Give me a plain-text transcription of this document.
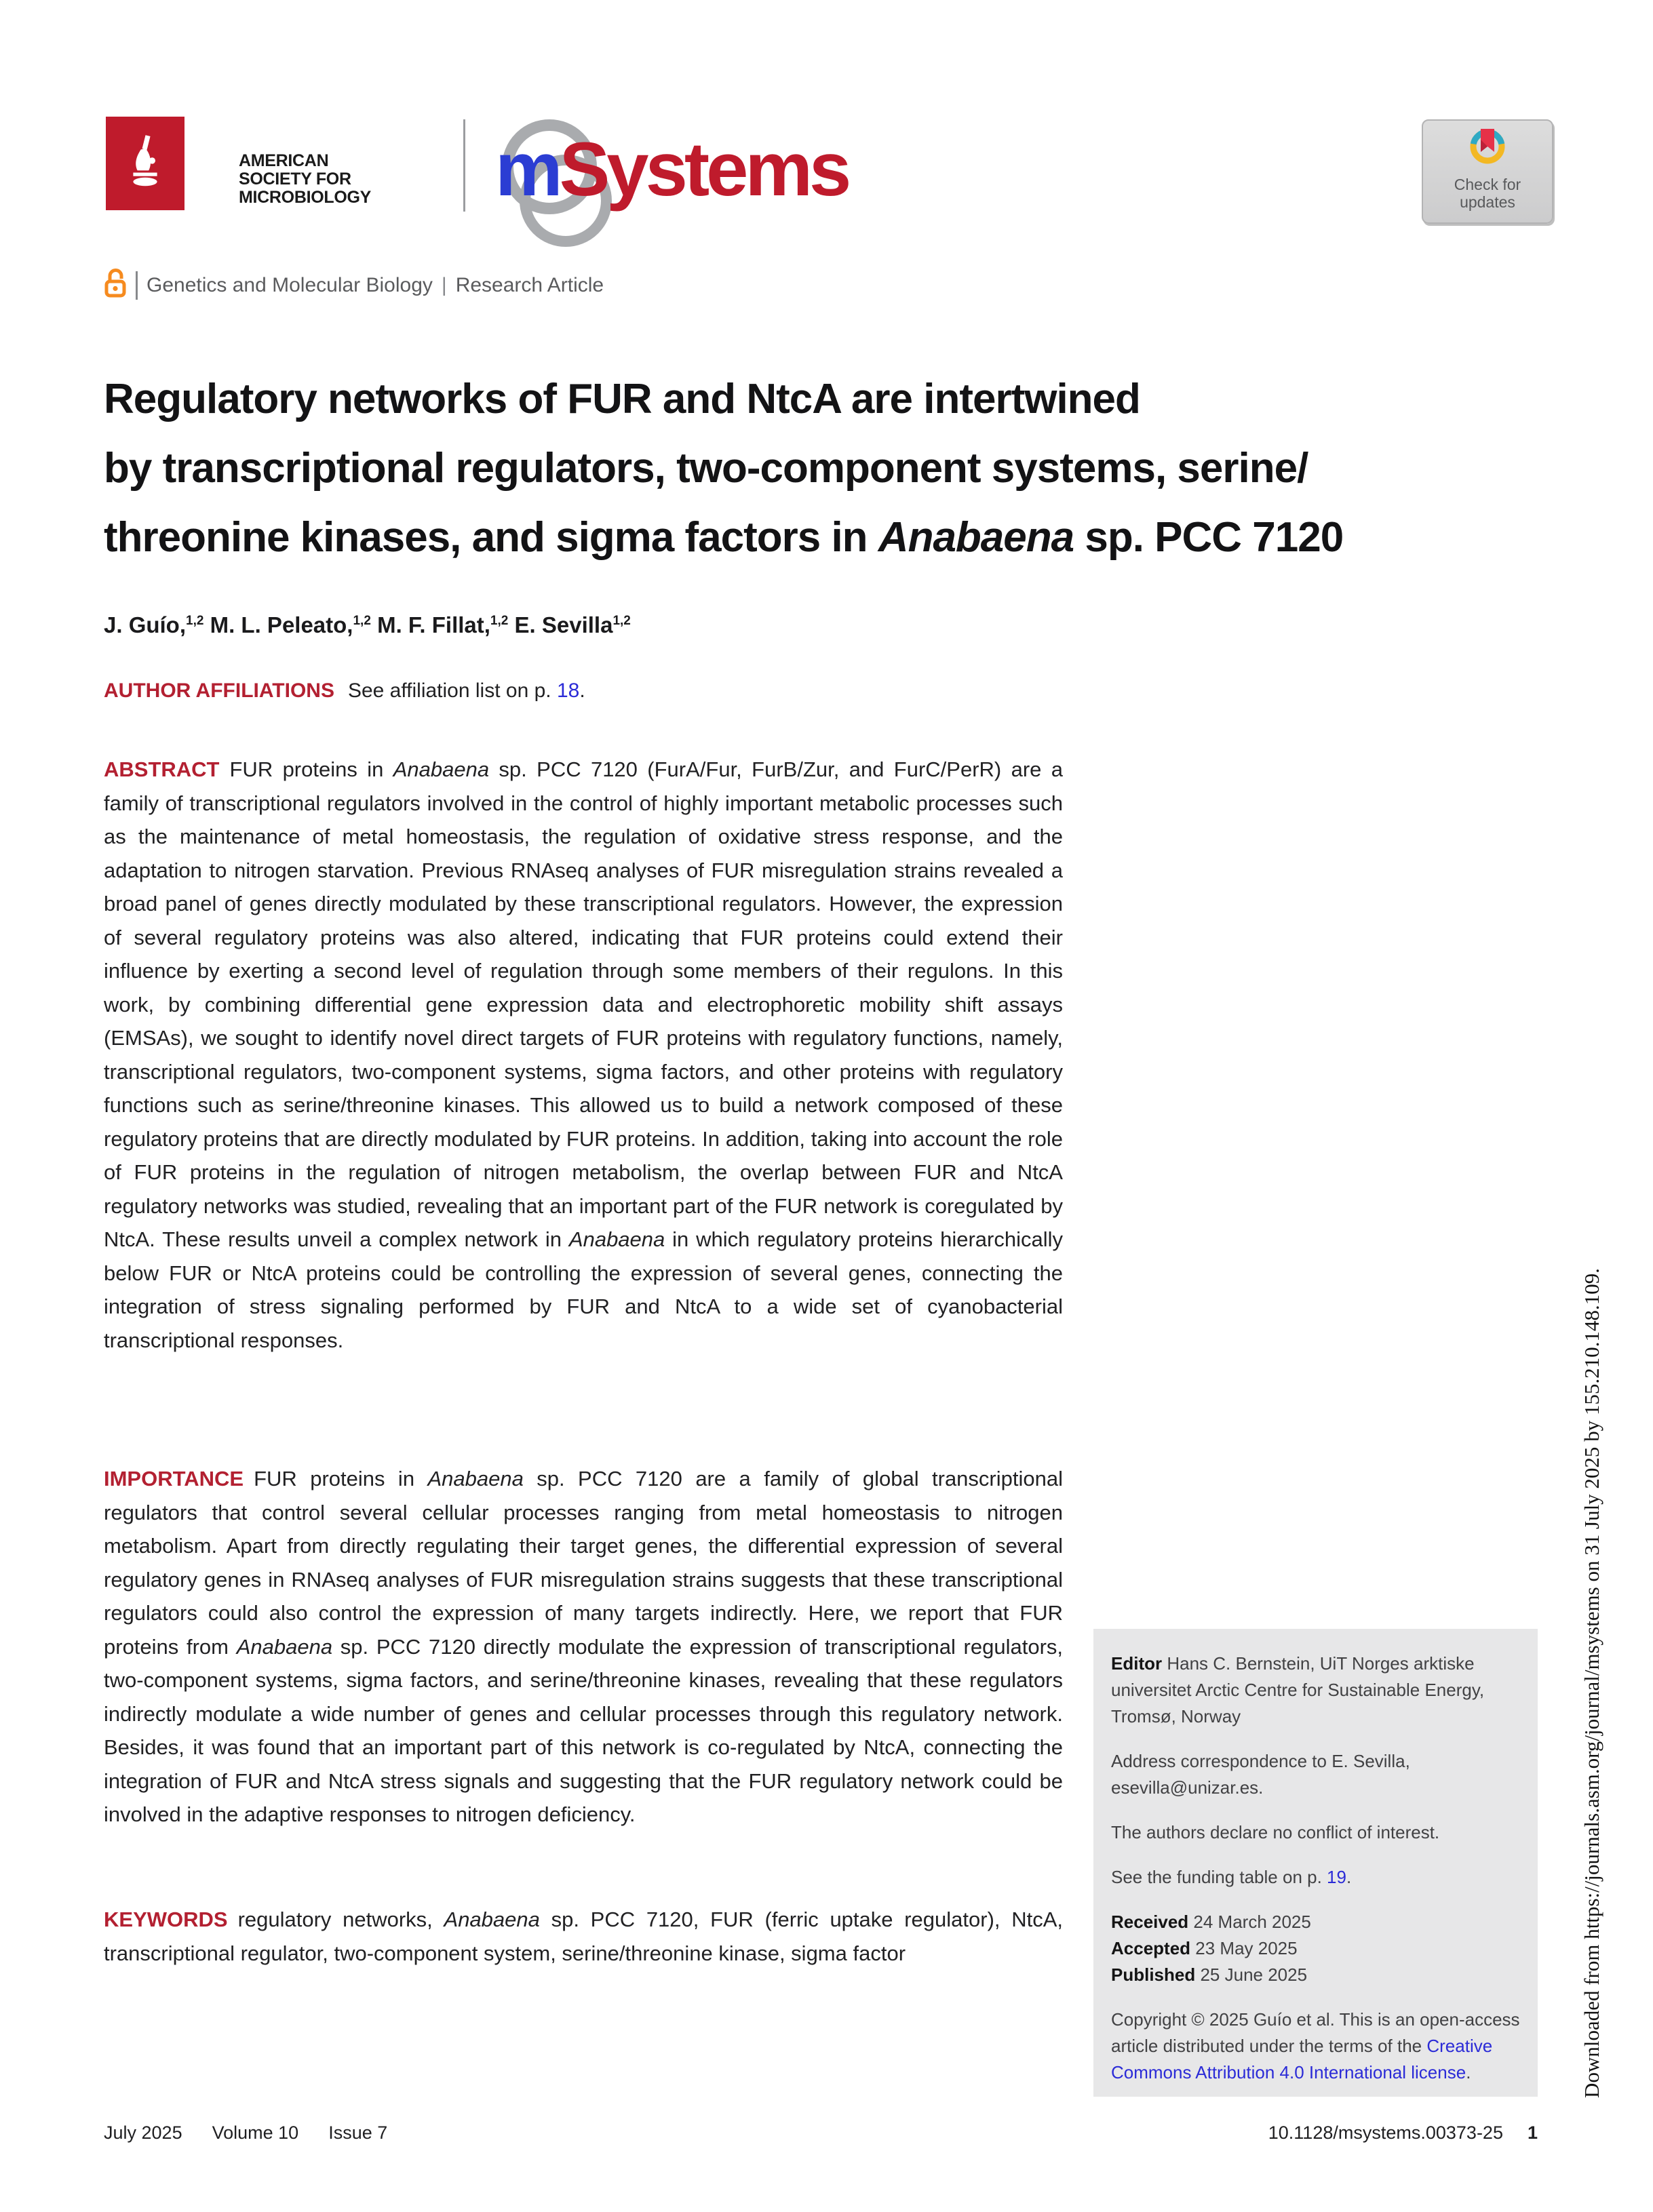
AMERICAN
SOCIETY FOR
MICROBIOLOGY mSystems	Check for
updates
Genetics and Molecular Biology | Research Article
Regulatory networks of FUR and NtcA are intertwined
by transcriptional regulators, two-component systems, serine/
threonine kinases, and sigma factors in Anabaena sp. PCC 7120
J. Guío,$^{1,2}$ M. L. Peleato,$^{1,2}$ M. F. Fillat,$^{1,2}$ E. Sevilla$^{1,2}$
AUTHOR AFFILIATIONS See affiliation list on p. 18.
ABSTRACT FUR proteins in Anabaena sp. PCC 7120 (FurA/Fur, FurB/Zur, and FurC/PerR) are a family of transcriptional regulators involved in the control of highly important metabolic processes such as the maintenance of metal homeostasis, the regulation of oxidative stress response, and the adaptation to nitrogen starvation. Previous RNAseq analyses of FUR misregulation strains revealed a broad panel of genes directly modulated by these transcriptional regulators. However, the expression of several regulatory proteins was also altered, indicating that FUR proteins could extend their influence by exerting a second level of regulation through some members of their regulons. In this work, by combining differential gene expression data and electrophoretic mobility shift assays (EMSAs), we sought to identify novel direct targets of FUR proteins with regulatory functions, namely, transcriptional regulators, two-component systems, sigma factors, and other proteins with regulatory functions such as serine/threonine kinases. This allowed us to build a network composed of these regulatory proteins that are directly modulated by FUR proteins. In addition, taking into account the role of FUR proteins in the regulation of nitrogen metabolism, the overlap between FUR and NtcA regulatory networks was studied, revealing that an important part of the FUR network is coregulated by NtcA. These results unveil a complex network in Anabaena in which regulatory proteins hierarchically below FUR or NtcA proteins could be controlling the expression of several genes, connecting the integration of stress signaling performed by FUR and NtcA to a wide set of cyanobacterial transcriptional responses.
IMPORTANCE FUR proteins in Anabaena sp. PCC 7120 are a family of global transcriptional regulators that control several cellular processes ranging from metal homeostasis to nitrogen metabolism. Apart from directly regulating their target genes, the differential expression of several regulatory genes in RNAseq analyses of FUR misregulation strains suggests that these transcriptional regulators could also control the expression of many targets indirectly. Here, we report that FUR proteins from Anabaena sp. PCC 7120 directly modulate the expression of transcriptional regulators, two-component systems, sigma factors, and serine/threonine kinases, revealing that these regulators indirectly modulate a wide number of genes and cellular processes through this regulatory network. Besides, it was found that an important part of this network is co-regulated by NtcA, connecting the integration of FUR and NtcA stress signals and suggesting that the FUR regulatory network could be involved in the adaptive responses to nitrogen deficiency.
KEYWORDS regulatory networks, Anabaena sp. PCC 7120, FUR (ferric uptake regulator), NtcA, transcriptional regulator, two-component system, serine/threonine kinase, sigma factor

Editor Hans C. Bernstein, UiT Norges arktiske universitet Arctic Centre for Sustainable Energy, Tromsø, Norway

Address correspondence to E. Sevilla, esevilla@unizar.es.

The authors declare no conflict of interest.

See the funding table on p. 19.

Received 24 March 2025
Accepted 23 May 2025
Published 25 June 2025

Copyright © 2025 Guío et al. This is an open-access article distributed under the terms of the Creative Commons Attribution 4.0 International license.

July 2025 Volume 10 Issue 7	10.1128/msystems.00373-25 1
Downloaded from https://journals.asm.org/journal/msystems on 31 July 2025 by 155.210.148.109.
